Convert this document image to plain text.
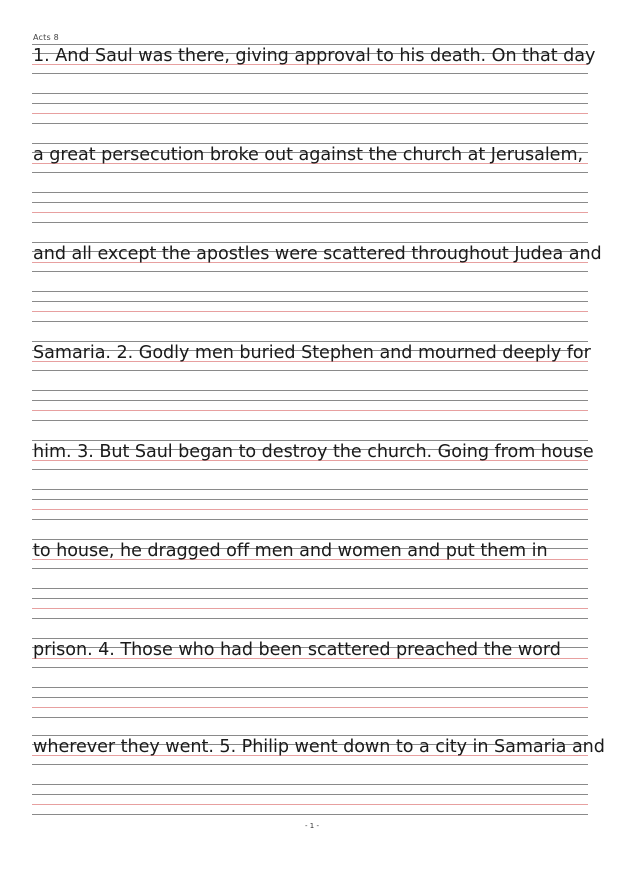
Acts 8
1. And Saul was there, giving approval to his death. On that day
a great persecution broke out against the church at Jerusalem,
and all except the apostles were scattered throughout Judea and
Samaria. 2. Godly men buried Stephen and mourned deeply for
him. 3. But Saul began to destroy the church. Going from house
to house, he dragged off men and women and put them in
prison. 4. Those who had been scattered preached the word
wherever they went. 5. Philip went down to a city in Samaria and
- 1 -
